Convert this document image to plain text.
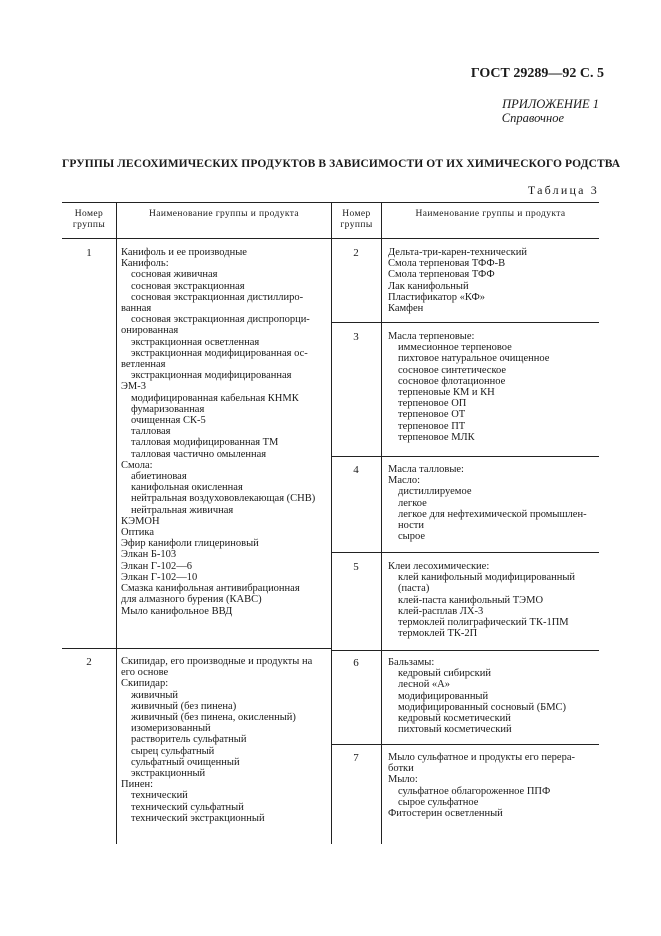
ГОСТ 29289—92 С. 5
ПРИЛОЖЕНИЕ 1
Справочное
ГРУППЫ ЛЕСОХИМИЧЕСКИХ ПРОДУКТОВ В ЗАВИСИМОСТИ ОТ ИХ ХИМИЧЕСКОГО РОДСТВА
Таблица 3
Номер
группы
Наименование группы и продукта	Номер
группы
Наименование группы и продукта
1
2
2
3
4
5
6
7
Канифоль и ее производные
Канифоль:
сосновая живичная
сосновая экстракционная
сосновая экстракционная дистиллиро-
ванная
сосновая экстракционная диспропорци-
онированная
экстракционная осветленная
экстракционная модифицированная ос-
ветленная
экстракционная модифицированная
ЭМ-3
модифицированная кабельная КНМК
фумаризованная
очищенная СК-5
талловая
талловая модифицированная ТМ
талловая частично омыленная
Смола:
абиетиновая
канифольная окисленная
нейтральная воздухововлекающая (СНВ)
нейтральная живичная
КЭМОН
Оптика
Эфир канифоли глицериновый
Элкан Б-103
Элкан Г-102—6
Элкан Г-102—10
Смазка канифольная антивибрационная
для алмазного бурения (КАВС)
Мыло канифольное ВВД
Скипидар, его производные и продукты на
его основе
Скипидар:
живичный
живичный (без пинена)
живичный (без пинена, окисленный)
изомеризованный
растворитель сульфатный
сырец сульфатный
сульфатный очищенный
экстракционный
Пинен:
технический
технический сульфатный
технический экстракционный
Дельта-три-карен-технический
Смола терпеновая ТФФ-В
Смола терпеновая ТФФ
Лак канифольный
Пластификатор «КФ»
Камфен
Масла терпеновые:
иммесионное терпеновое
пихтовое натуральное очищенное
сосновое синтетическое
сосновое флотационное
терпеновые КМ и КН
терпеновое ОП
терпеновое ОТ
терпеновое ПТ
терпеновое МЛК
Масла талловые:
Масло:
дистиллируемое
легкое
легкое для нефтехимической промышлен-
ности
сырое
Клеи лесохимические:
клей канифольный модифицированный
(паста)
клей-паста канифольный ТЭМО
клей-расплав ЛХ-3
термоклей полиграфический ТК-1ПМ
термоклей ТК-2П
Бальзамы:
кедровый сибирский
лесной «А»
модифицированный
модифицированный сосновый (БМС)
кедровый косметический
пихтовый косметический
Мыло сульфатное и продукты его перера-
ботки
Мыло:
сульфатное облагороженное ППФ
сырое сульфатное
Фитостерин осветленный
